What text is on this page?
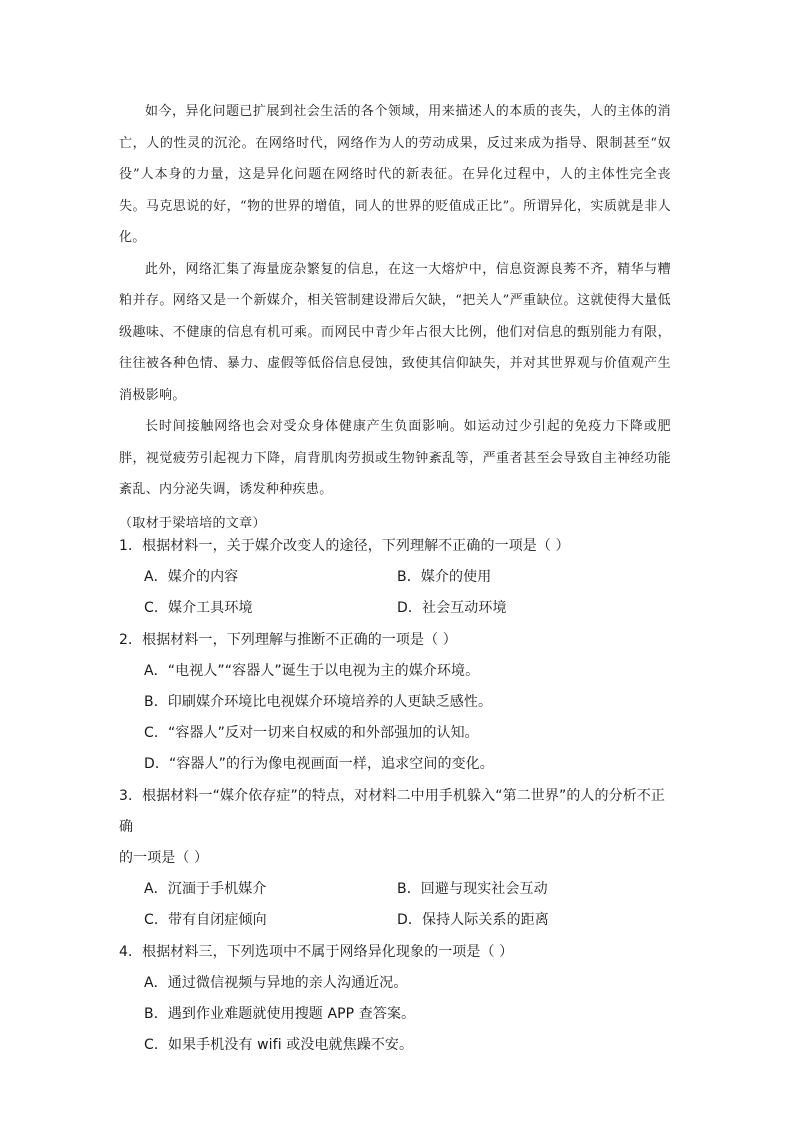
如今，异化问题已扩展到社会生活的各个领域，用来描述人的本质的丧失，人的主体的消亡，人的性灵的沉沦。在网络时代，网络作为人的劳动成果，反过来成为指导、限制甚至“奴役”人本身的力量，这是异化问题在网络时代的新表征。在异化过程中，人的主体性完全丧失。马克思说的好，“物的世界的增值，同人的世界的贬值成正比”。所谓异化，实质就是非人化。

此外，网络汇集了海量庞杂繁复的信息，在这一大熔炉中，信息资源良莠不齐，精华与糟粕并存。网络又是一个新媒介，相关管制建设滞后欠缺，“把关人”严重缺位。这就使得大量低级趣味、不健康的信息有机可乘。而网民中青少年占很大比例，他们对信息的甄别能力有限，往往被各种色情、暴力、虚假等低俗信息侵蚀，致使其信仰缺失，并对其世界观与价值观产生消极影响。

长时间接触网络也会对受众身体健康产生负面影响。如运动过少引起的免疫力下降或肥胖，视觉疲劳引起视力下降，肩背肌肉劳损或生物钟紊乱等，严重者甚至会导致自主神经功能紊乱、内分泌失调，诱发种种疾患。

（取材于梁培培的文章）

1．根据材料一，关于媒介改变人的途径，下列理解不正确的一项是（ ）

A．媒介的内容	B．媒介的使用
C．媒介工具环境	D．社会互动环境

2．根据材料一，下列理解与推断不正确的一项是（ ）

A．“电视人”“容器人”诞生于以电视为主的媒介环境。
B．印刷媒介环境比电视媒介环境培养的人更缺乏感性。
C．“容器人”反对一切来自权威的和外部强加的认知。
D．“容器人”的行为像电视画面一样，追求空间的变化。

3．根据材料一“媒介依存症”的特点，对材料二中用手机躲入“第二世界”的人的分析不正确

的一项是（ ）

A．沉湎于手机媒介	B．回避与现实社会互动
C．带有自闭症倾向	D．保持人际关系的距离

4．根据材料三，下列选项中不属于网络异化现象的一项是（ ）

A．通过微信视频与异地的亲人沟通近况。
B．遇到作业难题就使用搜题 APP 查答案。
C．如果手机没有 wifi 或没电就焦躁不安。
